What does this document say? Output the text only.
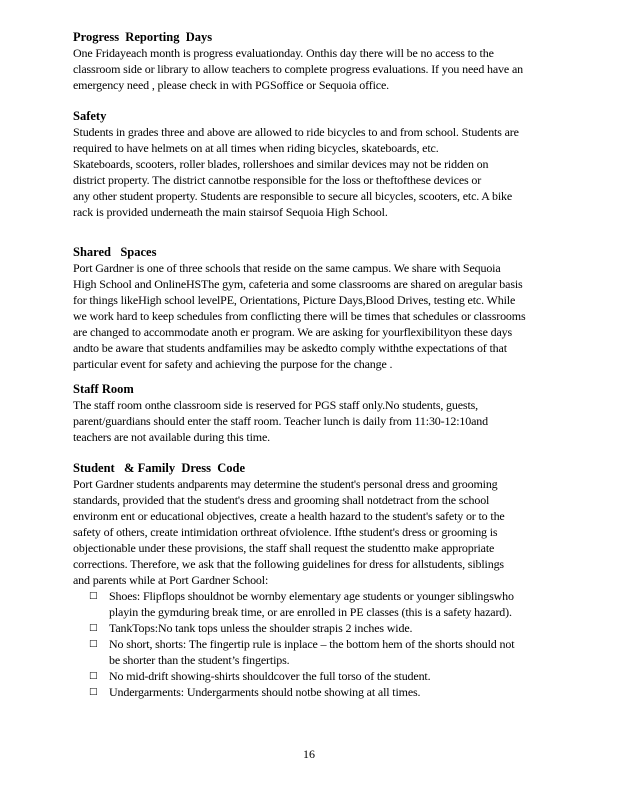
Progress  Reporting  Days

One Fridayeach month is progress evaluationday. Onthis day there will be no access to the

classroom side or library to allow teachers to complete progress evaluations. If you need have an

emergency need , please check in with PGSoffice or Sequoia office.

Safety

Students in grades three and above are allowed to ride bicycles to and from school. Students are

required to have helmets on at all times when riding bicycles, skateboards, etc.

Skateboards, scooters, roller blades, rollershoes and similar devices may not be ridden on

district property. The district cannotbe responsible for the loss or theftofthese devices or

any other student property. Students are responsible to secure all bicycles, scooters, etc. A bike

rack is provided underneath the main stairsof Sequoia High School.

Shared   Spaces

Port Gardner is one of three schools that reside on the same campus. We share with Sequoia

High School and OnlineHSThe gym, cafeteria and some classrooms are shared on aregular basis

for things likeHigh school levelPE, Orientations, Picture Days,Blood Drives, testing etc. While

we work hard to keep schedules from conflicting there will be times that schedules or classrooms

are changed to accommodate anoth er program. We are asking for yourflexibilityon these days

andto be aware that students andfamilies may be askedto comply withthe expectations of that

particular event for safety and achieving the purpose for the change .

Staff Room

The staff room onthe classroom side is reserved for PGS staff only.No students, guests,

parent/guardians should enter the staff room. Teacher lunch is daily from 11:30-12:10and

teachers are not available during this time.

Student   & Family  Dress  Code

Port Gardner students andparents may determine the student's personal dress and grooming

standards, provided that the student's dress and grooming shall notdetract from the school

environm ent or educational objectives, create a health hazard to the student's safety or to the

safety of others, create intimidation orthreat ofviolence. Ifthe student's dress or grooming is

objectionable under these provisions, the staff shall request the studentto make appropriate

corrections. Therefore, we ask that the following guidelines for dress for allstudents, siblings

and parents while at Port Gardner School:

□ Shoes: Flipflops shouldnot be wornby elementary age students or younger siblingswho

playin the gymduring break time, or are enrolled in PE classes (this is a safety hazard).

□ TankTops:No tank tops unless the shoulder strapis 2 inches wide.

□ No short, shorts: The fingertip rule is inplace – the bottom hem of the shorts should not

be shorter than the student’s fingertips.

□ No mid-drift showing-shirts shouldcover the full torso of the student.

□ Undergarments: Undergarments should notbe showing at all times.

16
